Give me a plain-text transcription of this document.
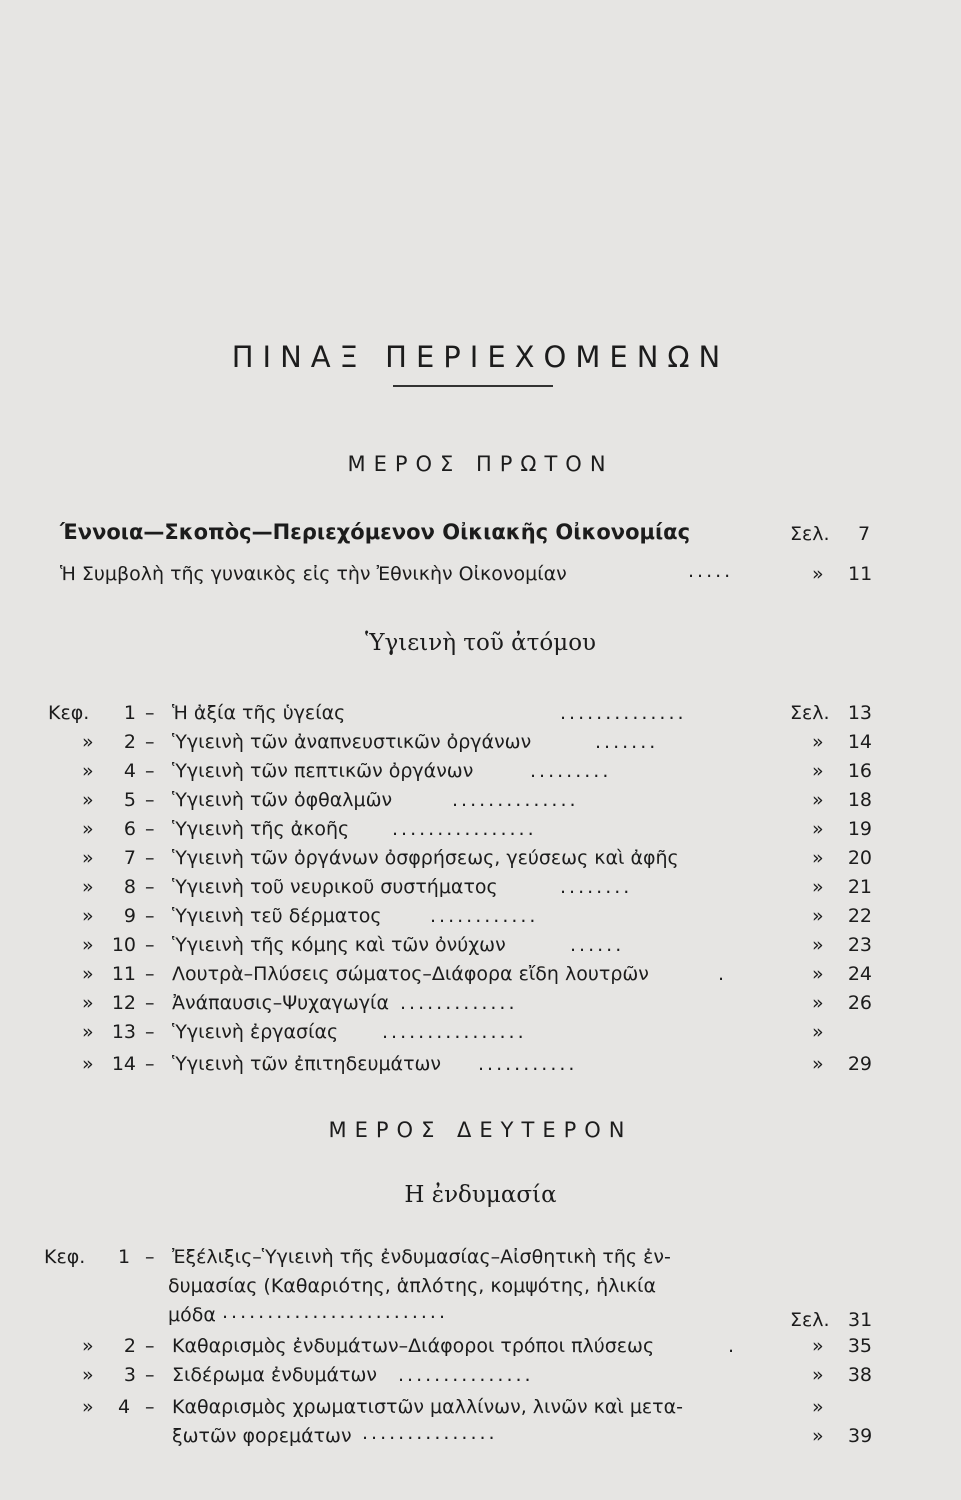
ΠΙΝΑΞ ΠΕΡΙΕΧΟΜΕΝΩΝ
ΜΕΡΟΣ ΠΡΩΤΟΝ
Έννοια—Σκοπὸς—Περιεχόμενον Οἰκιακῆς Οἰκονομίας	Σελ. 7
Ἡ Συμβολὴ τῆς γυναικὸς εἰς τὴν Ἐθνικὴν Οἰκονομίαν	.....	» 11
Ὑγιεινὴ τοῦ ἀτόμου
Κεφ.	1 – Ἡ ἀξία τῆς ὑγείας	..............	Σελ. 13
»	2 – Ὑγιεινὴ τῶν ἀναπνευστικῶν ὀργάνων	.......	»	14
»	4 – Ὑγιεινὴ τῶν πεπτικῶν ὀργάνων	.........	»	16
»	5 – Ὑγιεινὴ τῶν ὀφθαλμῶν	..............	»	18
»	6 – Ὑγιεινὴ τῆς ἀκοῆς ................	»	19
»	7 – Ὑγιεινὴ τῶν ὀργάνων ὀσφρήσεως, γεύσεως καὶ ἀφῆς	»	20
»	8 – Ὑγιεινὴ τοῦ νευρικοῦ συστήματος	........	»	21
»	9 – Ὑγιεινὴ τεῦ δέρματος	............	»	22
» 10 – Ὑγιεινὴ τῆς κόμης καὶ τῶν ὀνύχων	......	»	23
» 11 – Λουτρὰ–Πλύσεις σώματος–Διάφορα εἴδη λουτρῶν	.	»	24
» 12 – Ἀνάπαυσις–Ψυχαγωγία .............	»	26
» 13 – Ὑγιεινὴ ἐργασίας ................	»
» 14 – Ὑγιεινὴ τῶν ἐπιτηδευμάτων ...........	»	29
ΜΕΡΟΣ ΔΕΥΤΕΡΟΝ
Η ἐνδυμασία
Κεφ. 1 – Ἐξέλιξις–Ὑγιεινὴ τῆς ἐνδυμασίας–Αἰσθητικὴ τῆς ἐν-
δυμασίας (Καθαριότης, ἁπλότης, κομψότης, ἡλικία
μόδα .........................	Σελ. 31
»	2 – Καθαρισμὸς ἐνδυμάτων–Διάφοροι τρόποι πλύσεως	.	»	35
»	3 – Σιδέρωμα ἐνδυμάτων ...............	»	38
» 4 – Καθαρισμὸς χρωματιστῶν μαλλίνων, λινῶν καὶ μετα-	»
ξωτῶν φορεμάτων ...............	» 39
